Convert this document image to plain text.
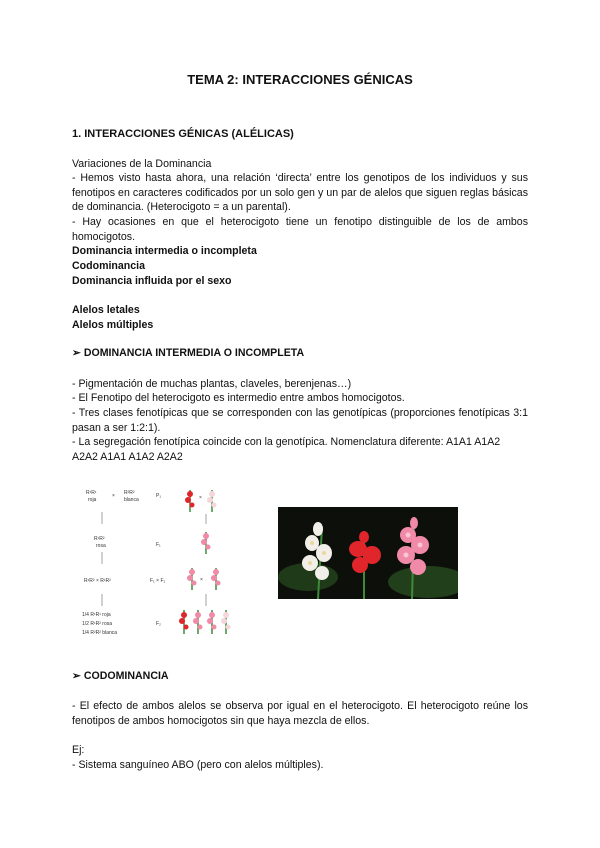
TEMA 2: INTERACCIONES GÉNICAS
1. INTERACCIONES GÉNICAS (ALÉLICAS)
Variaciones de la Dominancia
- Hemos visto hasta ahora, una relación ‘directa’ entre los genotipos de los individuos y sus fenotipos en caracteres codificados por un solo gen y un par de alelos que siguen reglas básicas de dominancia. (Heterocigoto = a un parental).
- Hay ocasiones en que el heterocigoto tiene un fenotipo distinguible de los de ambos homocigotos.
Dominancia intermedia o incompleta
Codominancia
Dominancia influida por el sexo
Alelos letales
Alelos múltiples
➢ DOMINANCIA INTERMEDIA O INCOMPLETA
- Pigmentación de muchas plantas, claveles, berenjenas…)
- El Fenotipo del heterocigoto es intermedio entre ambos homocigotos.
- Tres clases fenotípicas que se corresponden con las genotípicas (proporciones fenotípicas 3:1 pasan a ser 1:2:1).
- La segregación fenotípica coincide con la genotípica. Nomenclatura diferente: A1A1 A1A2 A2A2 A1A1 A1A2 A2A2
R¹R¹
roja
× R²R²
blanca
P₁	×
R¹R²
rosa	F₁
R¹R² × R¹R²	F₁ × F₁	×
1/4 R¹R¹ roja
1/2 R¹R² rosa
1/4 R²R² blanca
F₂
➢ CODOMINANCIA
- El efecto de ambos alelos se observa por igual en el heterocigoto. El heterocigoto reúne los fenotipos de ambos homocigotos sin que haya mezcla de ellos.
Ej:
- Sistema sanguíneo ABO (pero con alelos múltiples).
